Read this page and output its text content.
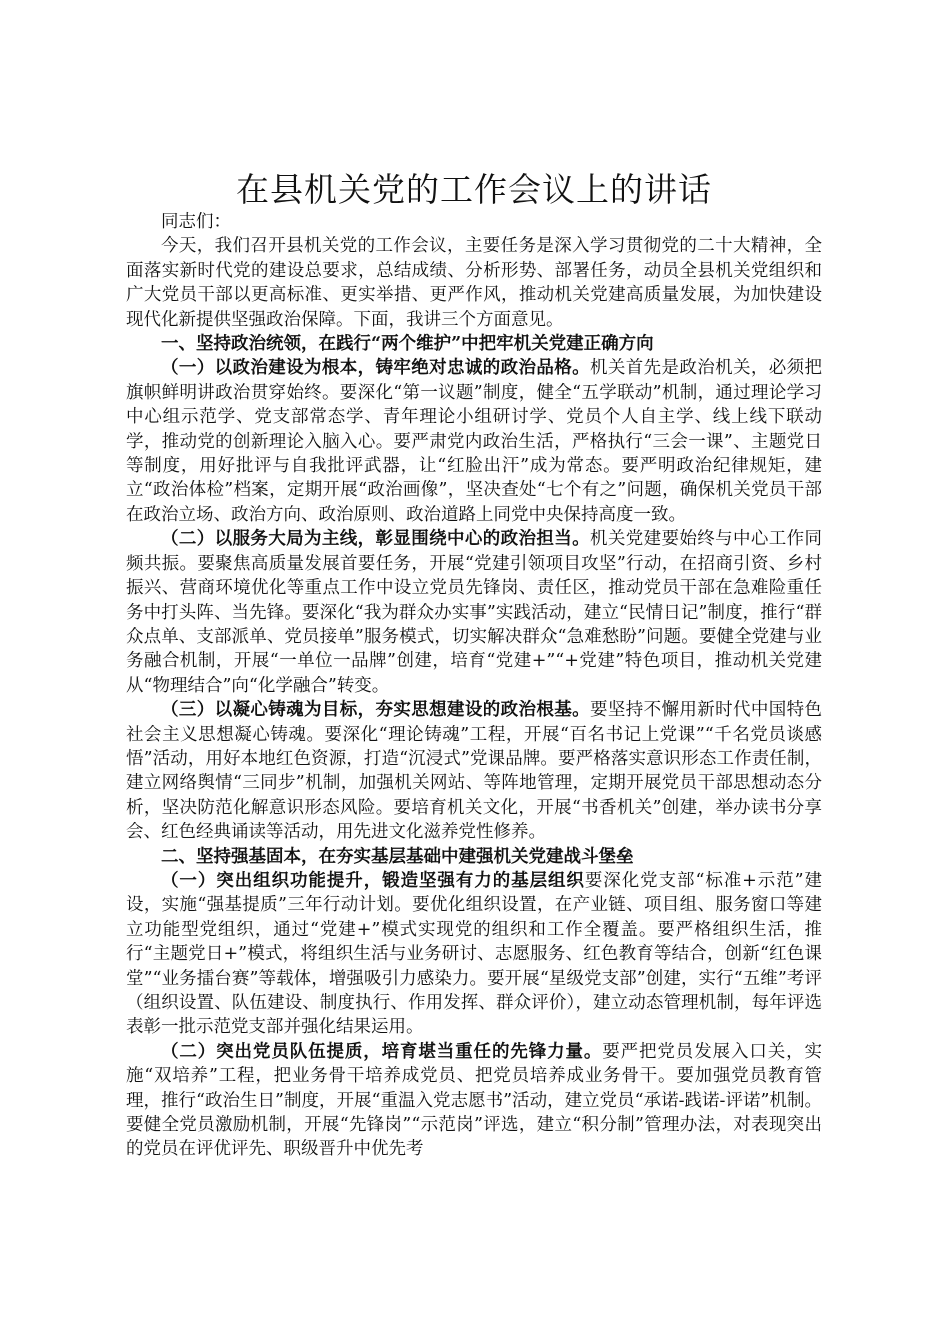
在县机关党的工作会议上的讲话

同志们：

今天，我们召开县机关党的工作会议，主要任务是深入学习贯彻党的二十大精神，全面落实新时代党的建设总要求，总结成绩、分析形势、部署任务，动员全县机关党组织和广大党员干部以更高标准、更实举措、更严作风，推动机关党建高质量发展，为加快建设现代化新提供坚强政治保障。下面，我讲三个方面意见。

一、坚持政治统领，在践行“两个维护”中把牢机关党建正确方向

（一）以政治建设为根本，铸牢绝对忠诚的政治品格。机关首先是政治机关，必须把旗帜鲜明讲政治贯穿始终。要深化“第一议题”制度，健全“五学联动”机制，通过理论学习中心组示范学、党支部常态学、青年理论小组研讨学、党员个人自主学、线上线下联动学，推动党的创新理论入脑入心。要严肃党内政治生活，严格执行“三会一课”、主题党日等制度，用好批评与自我批评武器，让“红脸出汗”成为常态。要严明政治纪律规矩，建立“政治体检”档案，定期开展“政治画像”，坚决查处“七个有之”问题，确保机关党员干部在政治立场、政治方向、政治原则、政治道路上同党中央保持高度一致。

（二）以服务大局为主线，彰显围绕中心的政治担当。机关党建要始终与中心工作同频共振。要聚焦高质量发展首要任务，开展“党建引领项目攻坚”行动，在招商引资、乡村振兴、营商环境优化等重点工作中设立党员先锋岗、责任区，推动党员干部在急难险重任务中打头阵、当先锋。要深化“我为群众办实事”实践活动，建立“民情日记”制度，推行“群众点单、支部派单、党员接单”服务模式，切实解决群众“急难愁盼”问题。要健全党建与业务融合机制，开展“一单位一品牌”创建，培育“党建+”“+党建”特色项目，推动机关党建从“物理结合”向“化学融合”转变。

（三）以凝心铸魂为目标，夯实思想建设的政治根基。要坚持不懈用新时代中国特色社会主义思想凝心铸魂。要深化“理论铸魂”工程，开展“百名书记上党课”“千名党员谈感悟”活动，用好本地红色资源，打造“沉浸式”党课品牌。要严格落实意识形态工作责任制，建立网络舆情“三同步”机制，加强机关网站、等阵地管理，定期开展党员干部思想动态分析，坚决防范化解意识形态风险。要培育机关文化，开展“书香机关”创建，举办读书分享会、红色经典诵读等活动，用先进文化滋养党性修养。

二、坚持强基固本，在夯实基层基础中建强机关党建战斗堡垒

（一）突出组织功能提升，锻造坚强有力的基层组织要深化党支部“标准+示范”建设，实施“强基提质”三年行动计划。要优化组织设置，在产业链、项目组、服务窗口等建立功能型党组织，通过“党建+”模式实现党的组织和工作全覆盖。要严格组织生活，推行“主题党日+”模式，将组织生活与业务研讨、志愿服务、红色教育等结合，创新“红色课堂”“业务擂台赛”等载体，增强吸引力感染力。要开展“星级党支部”创建，实行“五维”考评（组织设置、队伍建设、制度执行、作用发挥、群众评价），建立动态管理机制，每年评选表彰一批示范党支部并强化结果运用。

（二）突出党员队伍提质，培育堪当重任的先锋力量。要严把党员发展入口关，实施“双培养”工程，把业务骨干培养成党员、把党员培养成业务骨干。要加强党员教育管理，推行“政治生日”制度，开展“重温入党志愿书”活动，建立党员“承诺-践诺-评诺”机制。要健全党员激励机制，开展“先锋岗”“示范岗”评选，建立“积分制”管理办法，对表现突出的党员在评优评先、职级晋升中优先考
